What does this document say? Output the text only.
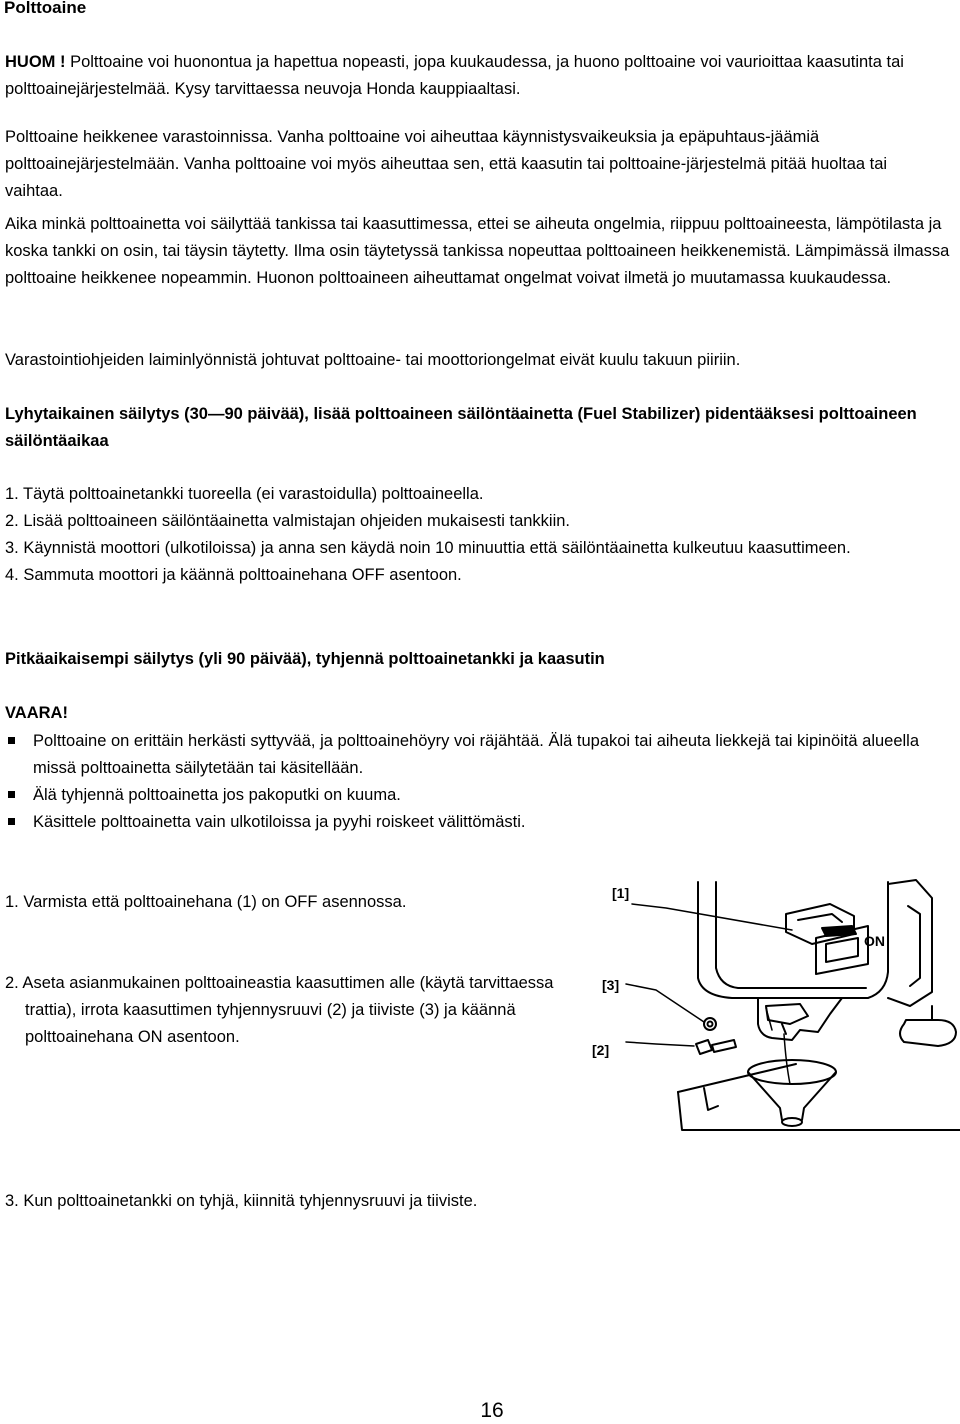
Polttoaine

HUOM ! Polttoaine voi huonontua ja hapettua nopeasti, jopa kuukaudessa, ja huono polttoaine voi vaurioittaa kaasutinta tai polttoainejärjestelmää. Kysy tarvittaessa neuvoja Honda kauppiaaltasi.

Polttoaine heikkenee varastoinnissa. Vanha polttoaine voi aiheuttaa käynnistysvaikeuksia ja epäpuhtaus-jäämiä polttoainejärjestelmään. Vanha polttoaine voi myös aiheuttaa sen, että kaasutin tai polttoaine-järjestelmä pitää huoltaa tai vaihtaa.

Aika minkä polttoainetta voi säilyttää tankissa tai kaasuttimessa, ettei se aiheuta ongelmia, riippuu polttoaineesta, lämpötilasta ja koska tankki on osin, tai täysin täytetty. Ilma osin täytetyssä tankissa nopeuttaa polttoaineen heikkenemistä. Lämpimässä ilmassa polttoaine heikkenee nopeammin. Huonon polttoaineen aiheuttamat ongelmat voivat ilmetä jo muutamassa kuukaudessa.

Varastointiohjeiden laiminlyönnistä johtuvat polttoaine- tai moottoriongelmat eivät kuulu takuun piiriin.

Lyhytaikainen säilytys (30—90 päivää), lisää polttoaineen säilöntäainetta (Fuel Stabilizer) pidentääksesi polttoaineen säilöntäaikaa

1. Täytä polttoainetankki tuoreella (ei varastoidulla) polttoaineella.

2. Lisää polttoaineen säilöntäainetta valmistajan ohjeiden mukaisesti tankkiin.

3. Käynnistä moottori (ulkotiloissa) ja anna sen käydä noin 10 minuuttia että säilöntäainetta kulkeutuu kaasuttimeen.

4. Sammuta moottori ja käännä polttoainehana OFF asentoon.

Pitkäaikaisempi säilytys (yli 90 päivää), tyhjennä polttoainetankki ja kaasutin

VAARA!

Polttoaine on erittäin herkästi syttyvää, ja polttoainehöyry voi räjähtää. Älä tupakoi tai aiheuta liekkejä tai kipinöitä alueella missä polttoainetta säilytetään tai käsitellään.

Älä tyhjennä polttoainetta jos pakoputki on kuuma.

Käsittele polttoainetta vain ulkotiloissa ja pyyhi roiskeet välittömästi.

1. Varmista että polttoainehana (1) on OFF asennossa.

2. Aseta asianmukainen polttoaineastia kaasuttimen alle (käytä tarvittaessa trattia), irrota kaasuttimen tyhjennysruuvi (2) ja tiiviste (3) ja käännä polttoainehana ON asentoon.

3. Kun polttoainetankki on tyhjä, kiinnitä tyhjennysruuvi ja tiiviste.

[1]
ON
[3]
[2]
16
